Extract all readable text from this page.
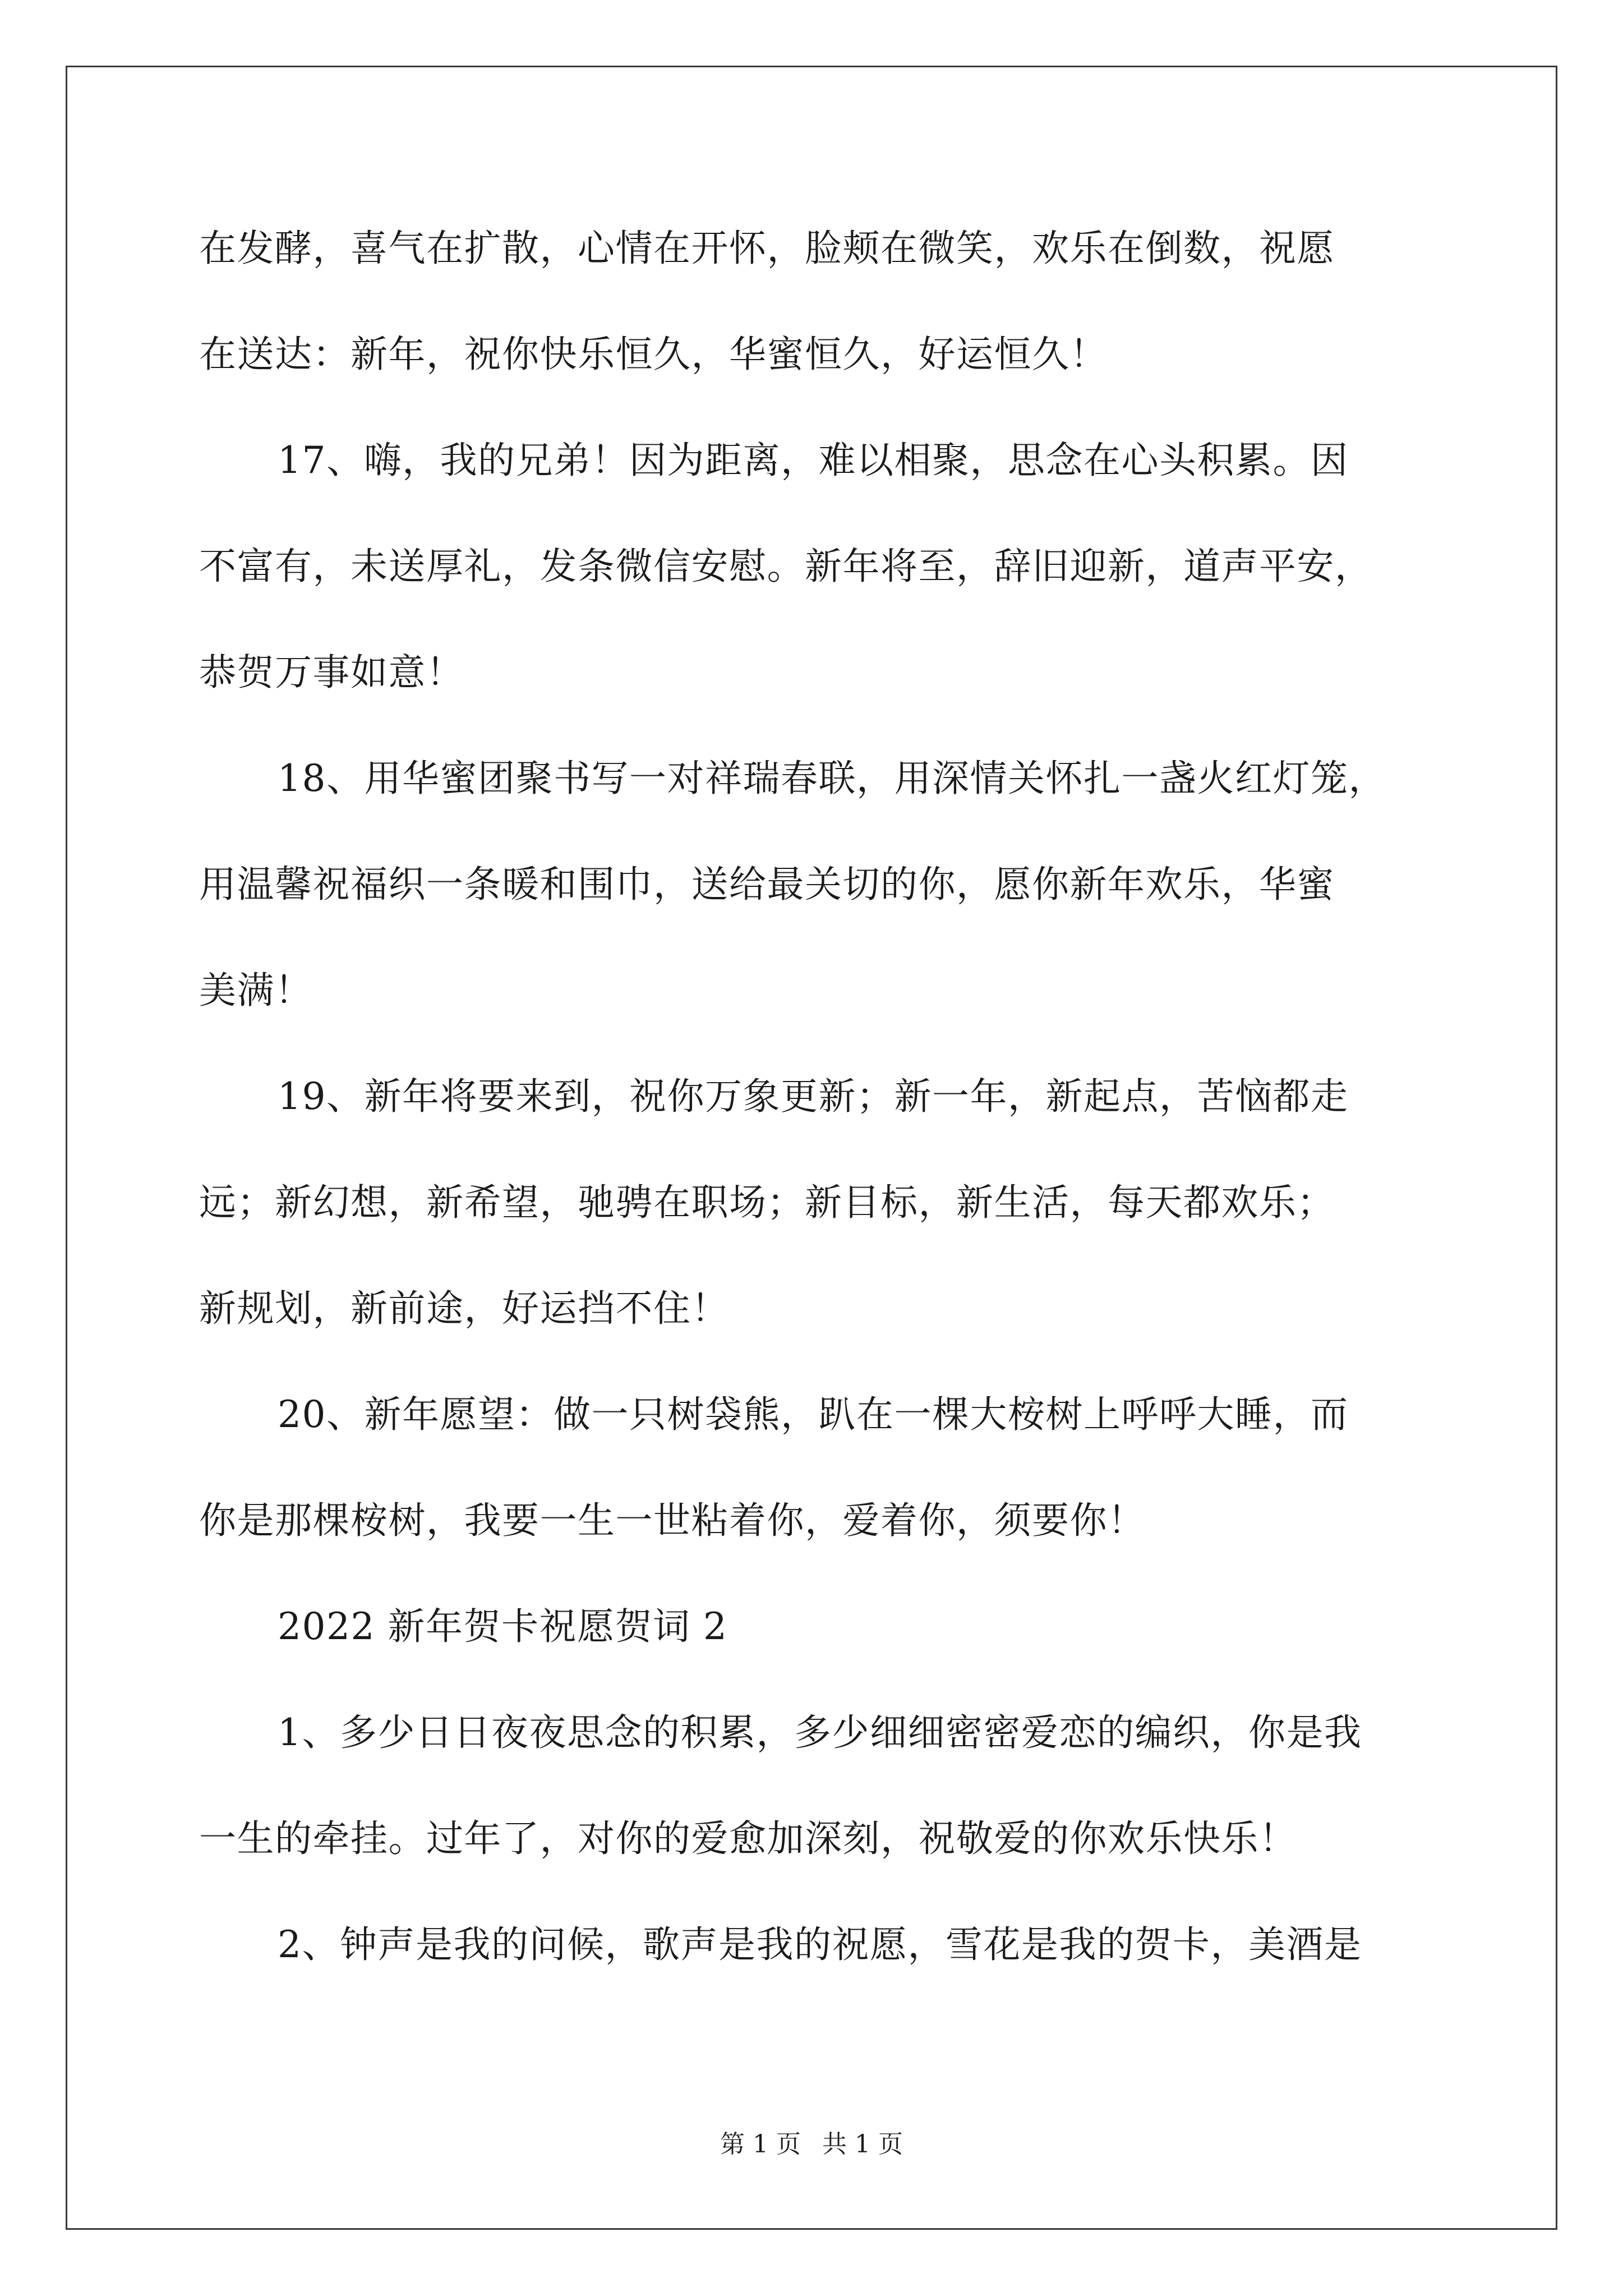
在发酵，喜气在扩散，心情在开怀，脸颊在微笑，欢乐在倒数，祝愿
在送达：新年，祝你快乐恒久，华蜜恒久，好运恒久！
17、嗨，我的兄弟！因为距离，难以相聚，思念在心头积累。因
不富有，未送厚礼，发条微信安慰。新年将至，辞旧迎新，道声平安，
恭贺万事如意！
18、用华蜜团聚书写一对祥瑞春联，用深情关怀扎一盏火红灯笼，
用温馨祝福织一条暖和围巾，送给最关切的你，愿你新年欢乐，华蜜
美满！
19、新年将要来到，祝你万象更新；新一年，新起点，苦恼都走
远；新幻想，新希望，驰骋在职场；新目标，新生活，每天都欢乐；
新规划，新前途，好运挡不住！
20、新年愿望：做一只树袋熊，趴在一棵大桉树上呼呼大睡，而
你是那棵桉树，我要一生一世粘着你，爱着你，须要你！
2022 新年贺卡祝愿贺词 2
1、多少日日夜夜思念的积累，多少细细密密爱恋的编织，你是我
一生的牵挂。过年了，对你的爱愈加深刻，祝敬爱的你欢乐快乐！
2、钟声是我的问候，歌声是我的祝愿，雪花是我的贺卡，美酒是
第 1 页 共 1 页
